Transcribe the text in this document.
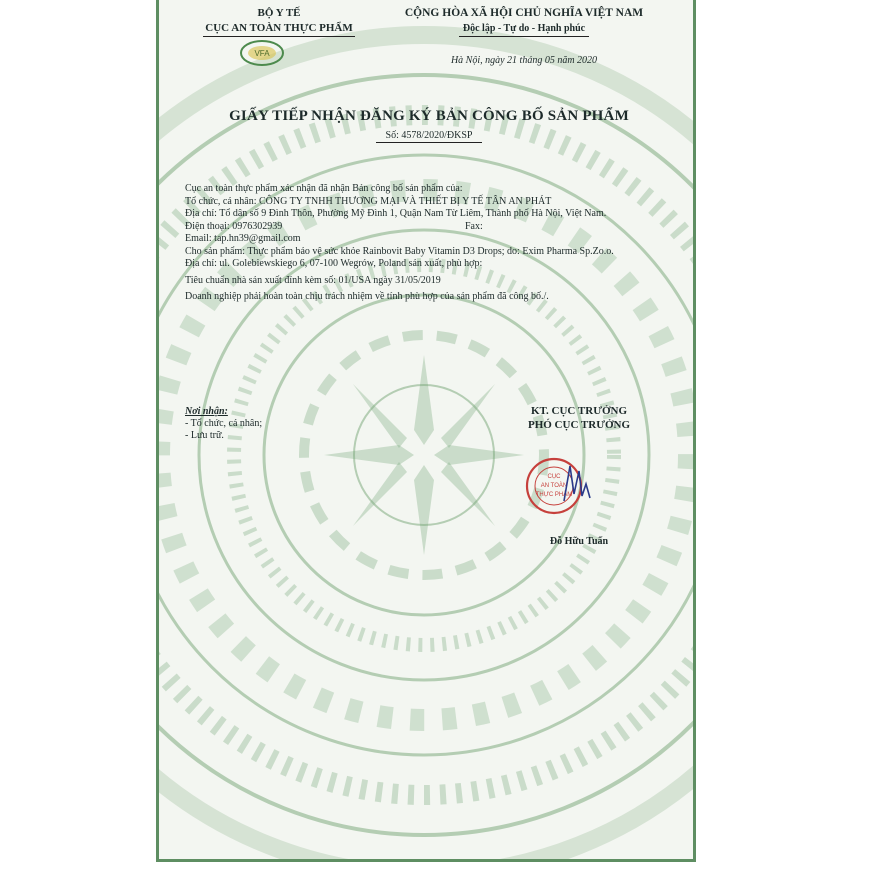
BỘ Y TẾ
CỤC AN TOÀN THỰC PHẨM
VFA
CỘNG HÒA XÃ HỘI CHỦ NGHĨA VIỆT NAM
Độc lập - Tự do - Hạnh phúc
Hà Nội, ngày 21 tháng 05 năm 2020
GIẤY TIẾP NHẬN ĐĂNG KÝ BẢN CÔNG BỐ SẢN PHẨM
Số: 4578/2020/ĐKSP

Cục an toàn thực phẩm xác nhận đã nhận Bản công bố sản phẩm của:

Tổ chức, cá nhân: CÔNG TY TNHH THƯƠNG MẠI VÀ THIẾT BỊ Y TẾ TÂN AN PHÁT

Địa chỉ: Tổ dân số 9 Đình Thôn, Phường Mỹ Đình 1, Quận Nam Từ Liêm, Thành phố Hà Nội, Việt Nam.

Điện thoại: 0976302939	Fax:

Email: tap.hn39@gmail.com

Cho sản phẩm: Thực phẩm bảo vệ sức khỏe Rainbovit Baby Vitamin D3 Drops; do: Exim Pharma Sp.Zo.o.

Địa chỉ: ul. Golebiewskiego 6, 07-100 Wegrów, Poland sản xuất, phù hợp:

Tiêu chuẩn nhà sản xuất đính kèm số: 01/USA ngày 31/05/2019

Doanh nghiệp phải hoàn toàn chịu trách nhiệm về tính phù hợp của sản phẩm đã công bố./.

Nơi nhận:
- Tổ chức, cá nhân;
- Lưu trữ.
KT. CỤC TRƯỞNG
PHÓ CỤC TRƯỞNG
CỤC
AN TOÀN
THỰC PHẨM
Đỗ Hữu Tuấn
